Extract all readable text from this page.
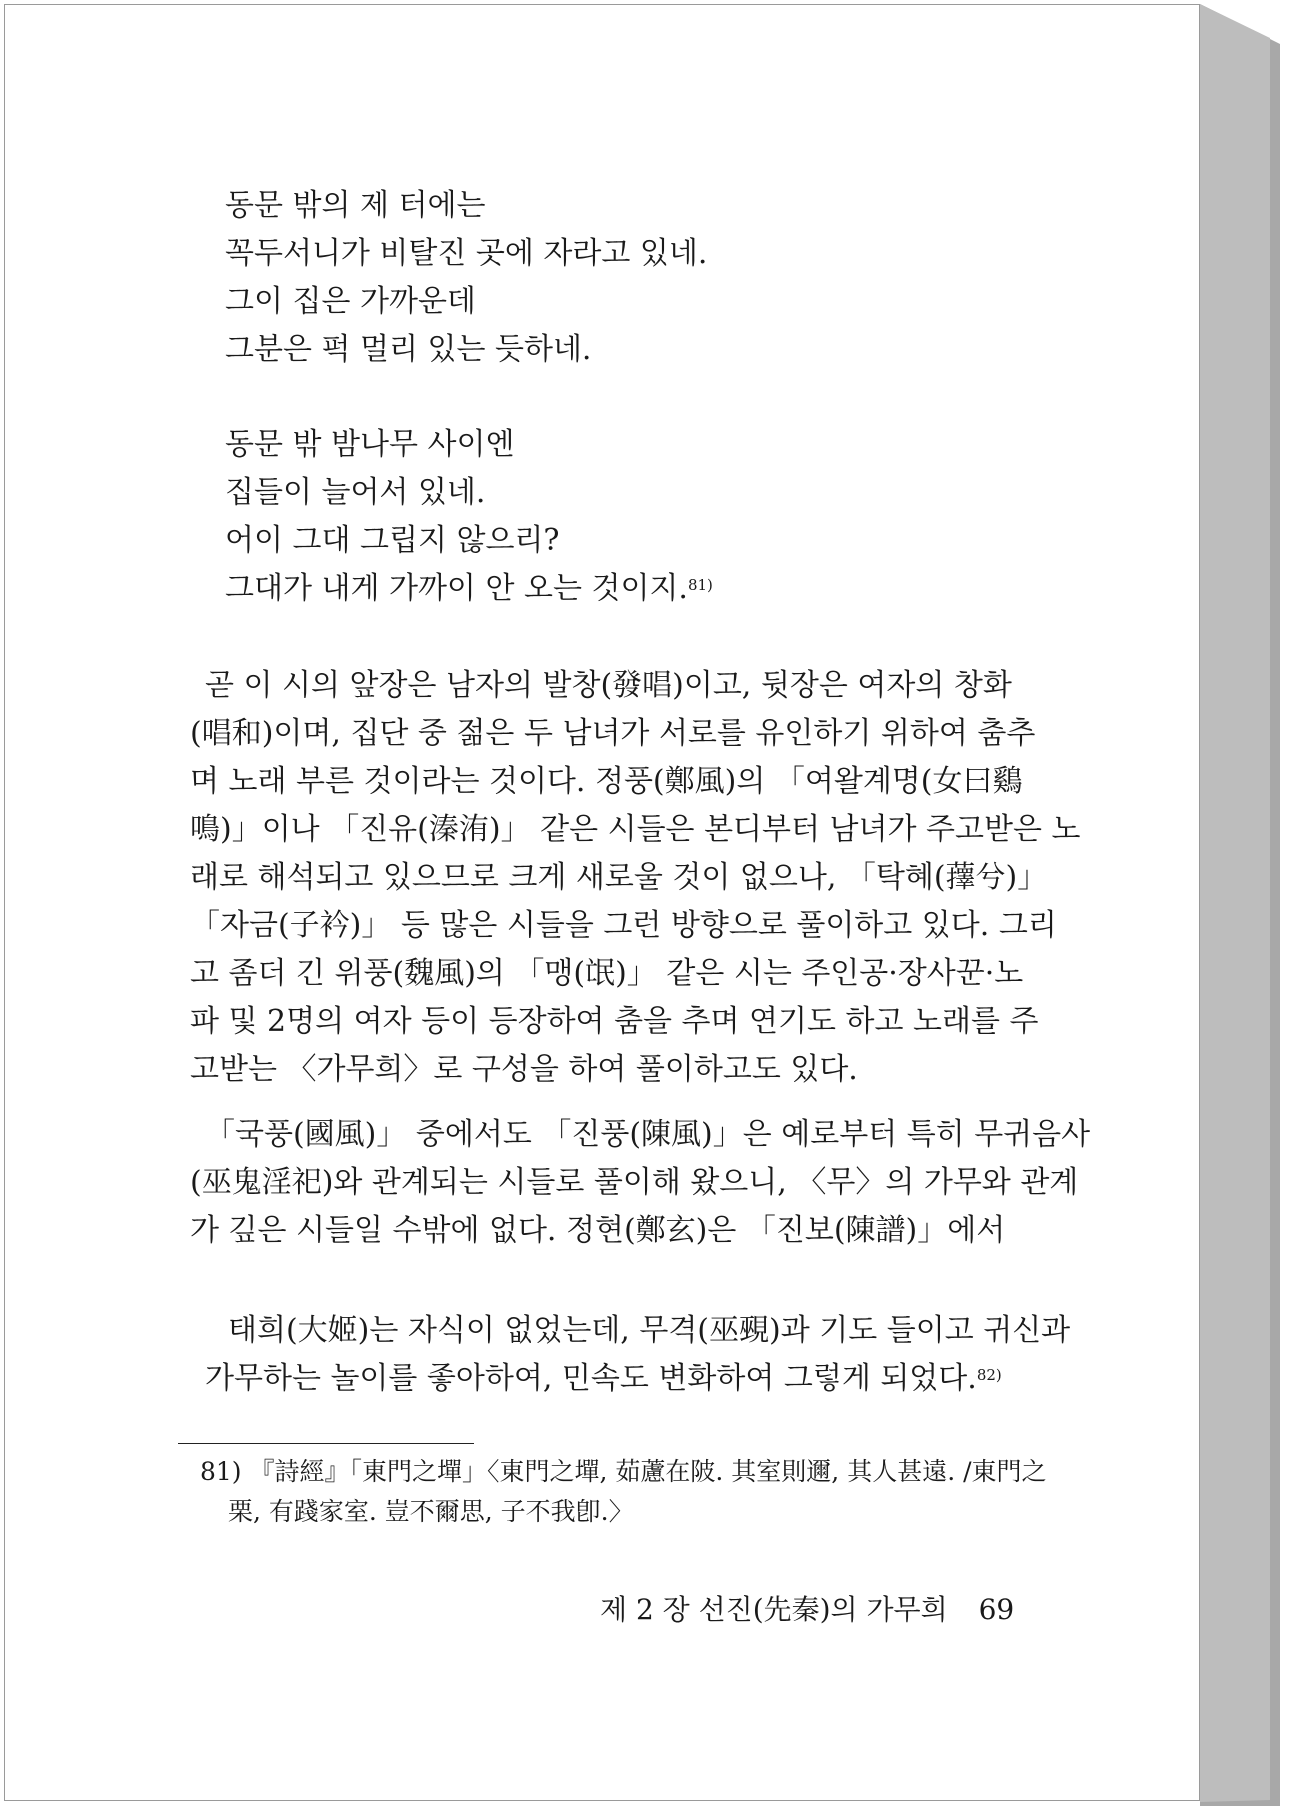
동문 밖의 제 터에는
꼭두서니가 비탈진 곳에 자라고 있네.
그이 집은 가까운데
그분은 퍽 멀리 있는 듯하네.
동문 밖 밤나무 사이엔
집들이 늘어서 있네.
어이 그대 그립지 않으리?
그대가 내게 가까이 안 오는 것이지.$^{81)}$
곧 이 시의 앞장은 남자의 발창(發唱)이고, 뒷장은 여자의 창화
(唱和)이며, 집단 중 젊은 두 남녀가 서로를 유인하기 위하여 춤추
며 노래 부른 것이라는 것이다. 정풍(鄭風)의 「여왈계명(女曰鷄
鳴)」이나 「진유(溱洧)」 같은 시들은 본디부터 남녀가 주고받은 노
래로 해석되고 있으므로 크게 새로울 것이 없으나, 「탁혜(蘀兮)」
「자금(子衿)」 등 많은 시들을 그런 방향으로 풀이하고 있다. 그리
고 좀더 긴 위풍(魏風)의 「맹(氓)」 같은 시는 주인공·장사꾼·노
파 및 2명의 여자 등이 등장하여 춤을 추며 연기도 하고 노래를 주
고받는 〈가무희〉로 구성을 하여 풀이하고도 있다.
「국풍(國風)」 중에서도 「진풍(陳風)」은 예로부터 특히 무귀음사
(巫鬼淫祀)와 관계되는 시들로 풀이해 왔으니, 〈무〉의 가무와 관계
가 깊은 시들일 수밖에 없다. 정현(鄭玄)은 「진보(陳譜)」에서
태희(大姬)는 자식이 없었는데, 무격(巫覡)과 기도 들이고 귀신과
가무하는 놀이를 좋아하여, 민속도 변화하여 그렇게 되었다.$^{82)}$
81) 『詩經』「東門之墠」〈東門之墠, 茹藘在陂. 其室則邇, 其人甚遠. /東門之
栗, 有踐家室. 豈不爾思, 子不我卽.〉
제 2 장 선진(先秦)의 가무희 69
